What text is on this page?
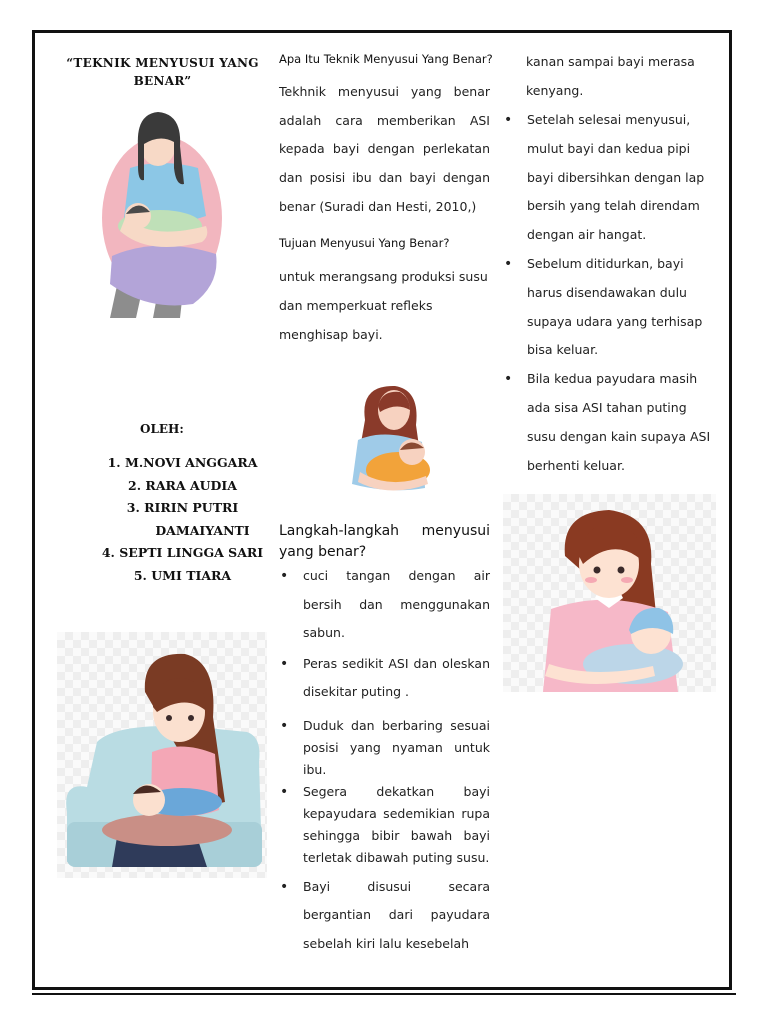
“TEKNIK MENYUSUI YANG
BENAR”
OLEH:
1. M.NOVI ANGGARA
2. RARA AUDIA
3. RIRIN PUTRI
DAMAIYANTI
4. SEPTI LINGGA SARI
5. UMI TIARA
Apa Itu Teknik Menyusui Yang Benar?
Tekhnik menyusui yang benar adalah cara memberikan ASI kepada bayi dengan perlekatan dan posisi ibu dan bayi dengan benar (Suradi dan Hesti, 2010,)
Tujuan Menyusui Yang Benar?
untuk merangsang produksi susu dan memperkuat refleks menghisap bayi.
Langkah-langkah menyusui
yang benar?
• cuci tangan dengan air bersih dan menggunakan sabun.
• Peras sedikit ASI dan oleskan disekitar puting .
• Duduk dan berbaring sesuai posisi yang nyaman untuk ibu.
• Segera dekatkan bayi kepayudara sedemikian rupa sehingga bibir bawah bayi terletak dibawah puting susu.
• Bayi disusui secara bergantian dari payudara sebelah kiri lalu kesebelah
kanan sampai bayi merasa kenyang.
• Setelah selesai menyusui, mulut bayi dan kedua pipi bayi dibersihkan dengan lap bersih yang telah direndam dengan air hangat.
• Sebelum ditidurkan, bayi harus disendawakan dulu supaya udara yang terhisap bisa keluar.
• Bila kedua payudara masih ada sisa ASI tahan puting susu dengan kain supaya ASI berhenti keluar.
